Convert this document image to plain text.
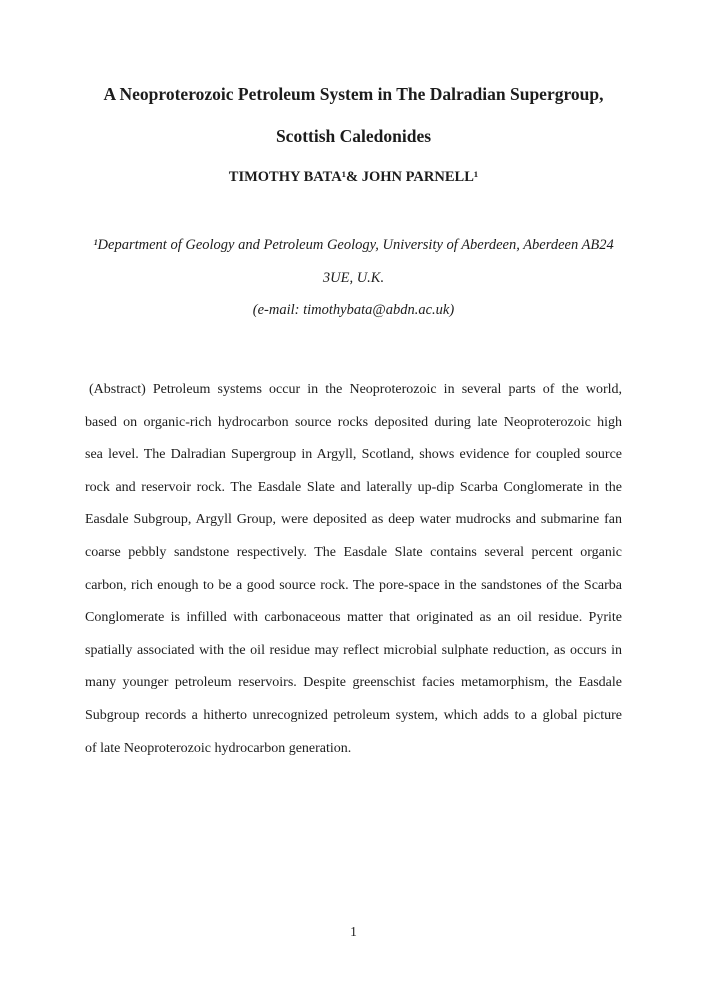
A Neoproterozoic Petroleum System in The Dalradian Supergroup,
Scottish Caledonides
TIMOTHY BATA¹& JOHN PARNELL¹
¹Department of Geology and Petroleum Geology, University of Aberdeen, Aberdeen AB24
3UE, U.K.
(e-mail: timothybata@abdn.ac.uk)
(Abstract) Petroleum systems occur in the Neoproterozoic in several parts of the world,
based on organic-rich hydrocarbon source rocks deposited during late Neoproterozoic high
sea level. The Dalradian Supergroup in Argyll, Scotland, shows evidence for coupled source
rock and reservoir rock. The Easdale Slate and laterally up-dip Scarba Conglomerate in the
Easdale Subgroup, Argyll Group, were deposited as deep water mudrocks and submarine fan
coarse pebbly sandstone respectively. The Easdale Slate contains several percent organic
carbon, rich enough to be a good source rock. The pore-space in the sandstones of the Scarba
Conglomerate is infilled with carbonaceous matter that originated as an oil residue. Pyrite
spatially associated with the oil residue may reflect microbial sulphate reduction, as occurs in
many younger petroleum reservoirs. Despite greenschist facies metamorphism, the Easdale
Subgroup records a hitherto unrecognized petroleum system, which adds to a global picture
of late Neoproterozoic hydrocarbon generation.
1
